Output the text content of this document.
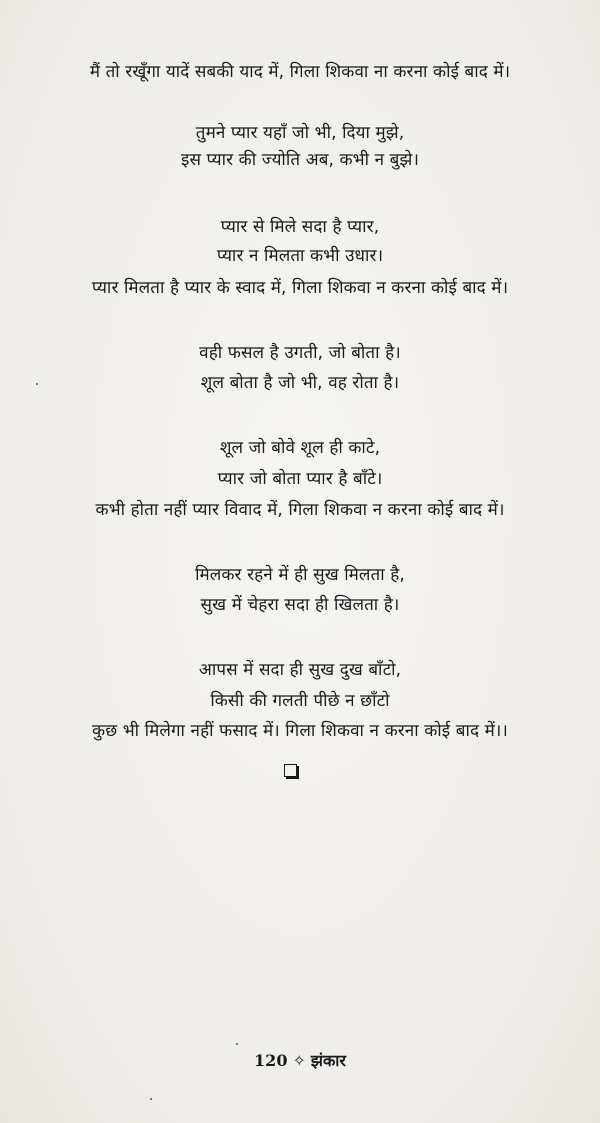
मैं तो रखूँगा यादें सबकी याद में, गिला शिकवा ना करना कोई बाद में।
तुमने प्यार यहाँ जो भी, दिया मुझे,
इस प्यार की ज्योति अब, कभी न बुझे।
प्यार से मिले सदा है प्यार,
प्यार न मिलता कभी उधार।
प्यार मिलता है प्यार के स्वाद में, गिला शिकवा न करना कोई बाद में।
वही फसल है उगती, जो बोता है।
शूल बोता है जो भी, वह रोता है।
शूल जो बोवे शूल ही काटे,
प्यार जो बोता प्यार है बाँटे।
कभी होता नहीं प्यार विवाद में, गिला शिकवा न करना कोई बाद में।
मिलकर रहने में ही सुख मिलता है,
सुख में चेहरा सदा ही खिलता है।
आपस में सदा ही सुख दुख बाँटो,
किसी की गलती पीछे न छाँटो
कुछ भी मिलेगा नहीं फसाद में। गिला शिकवा न करना कोई बाद में।।
120 ✧ झंकार
